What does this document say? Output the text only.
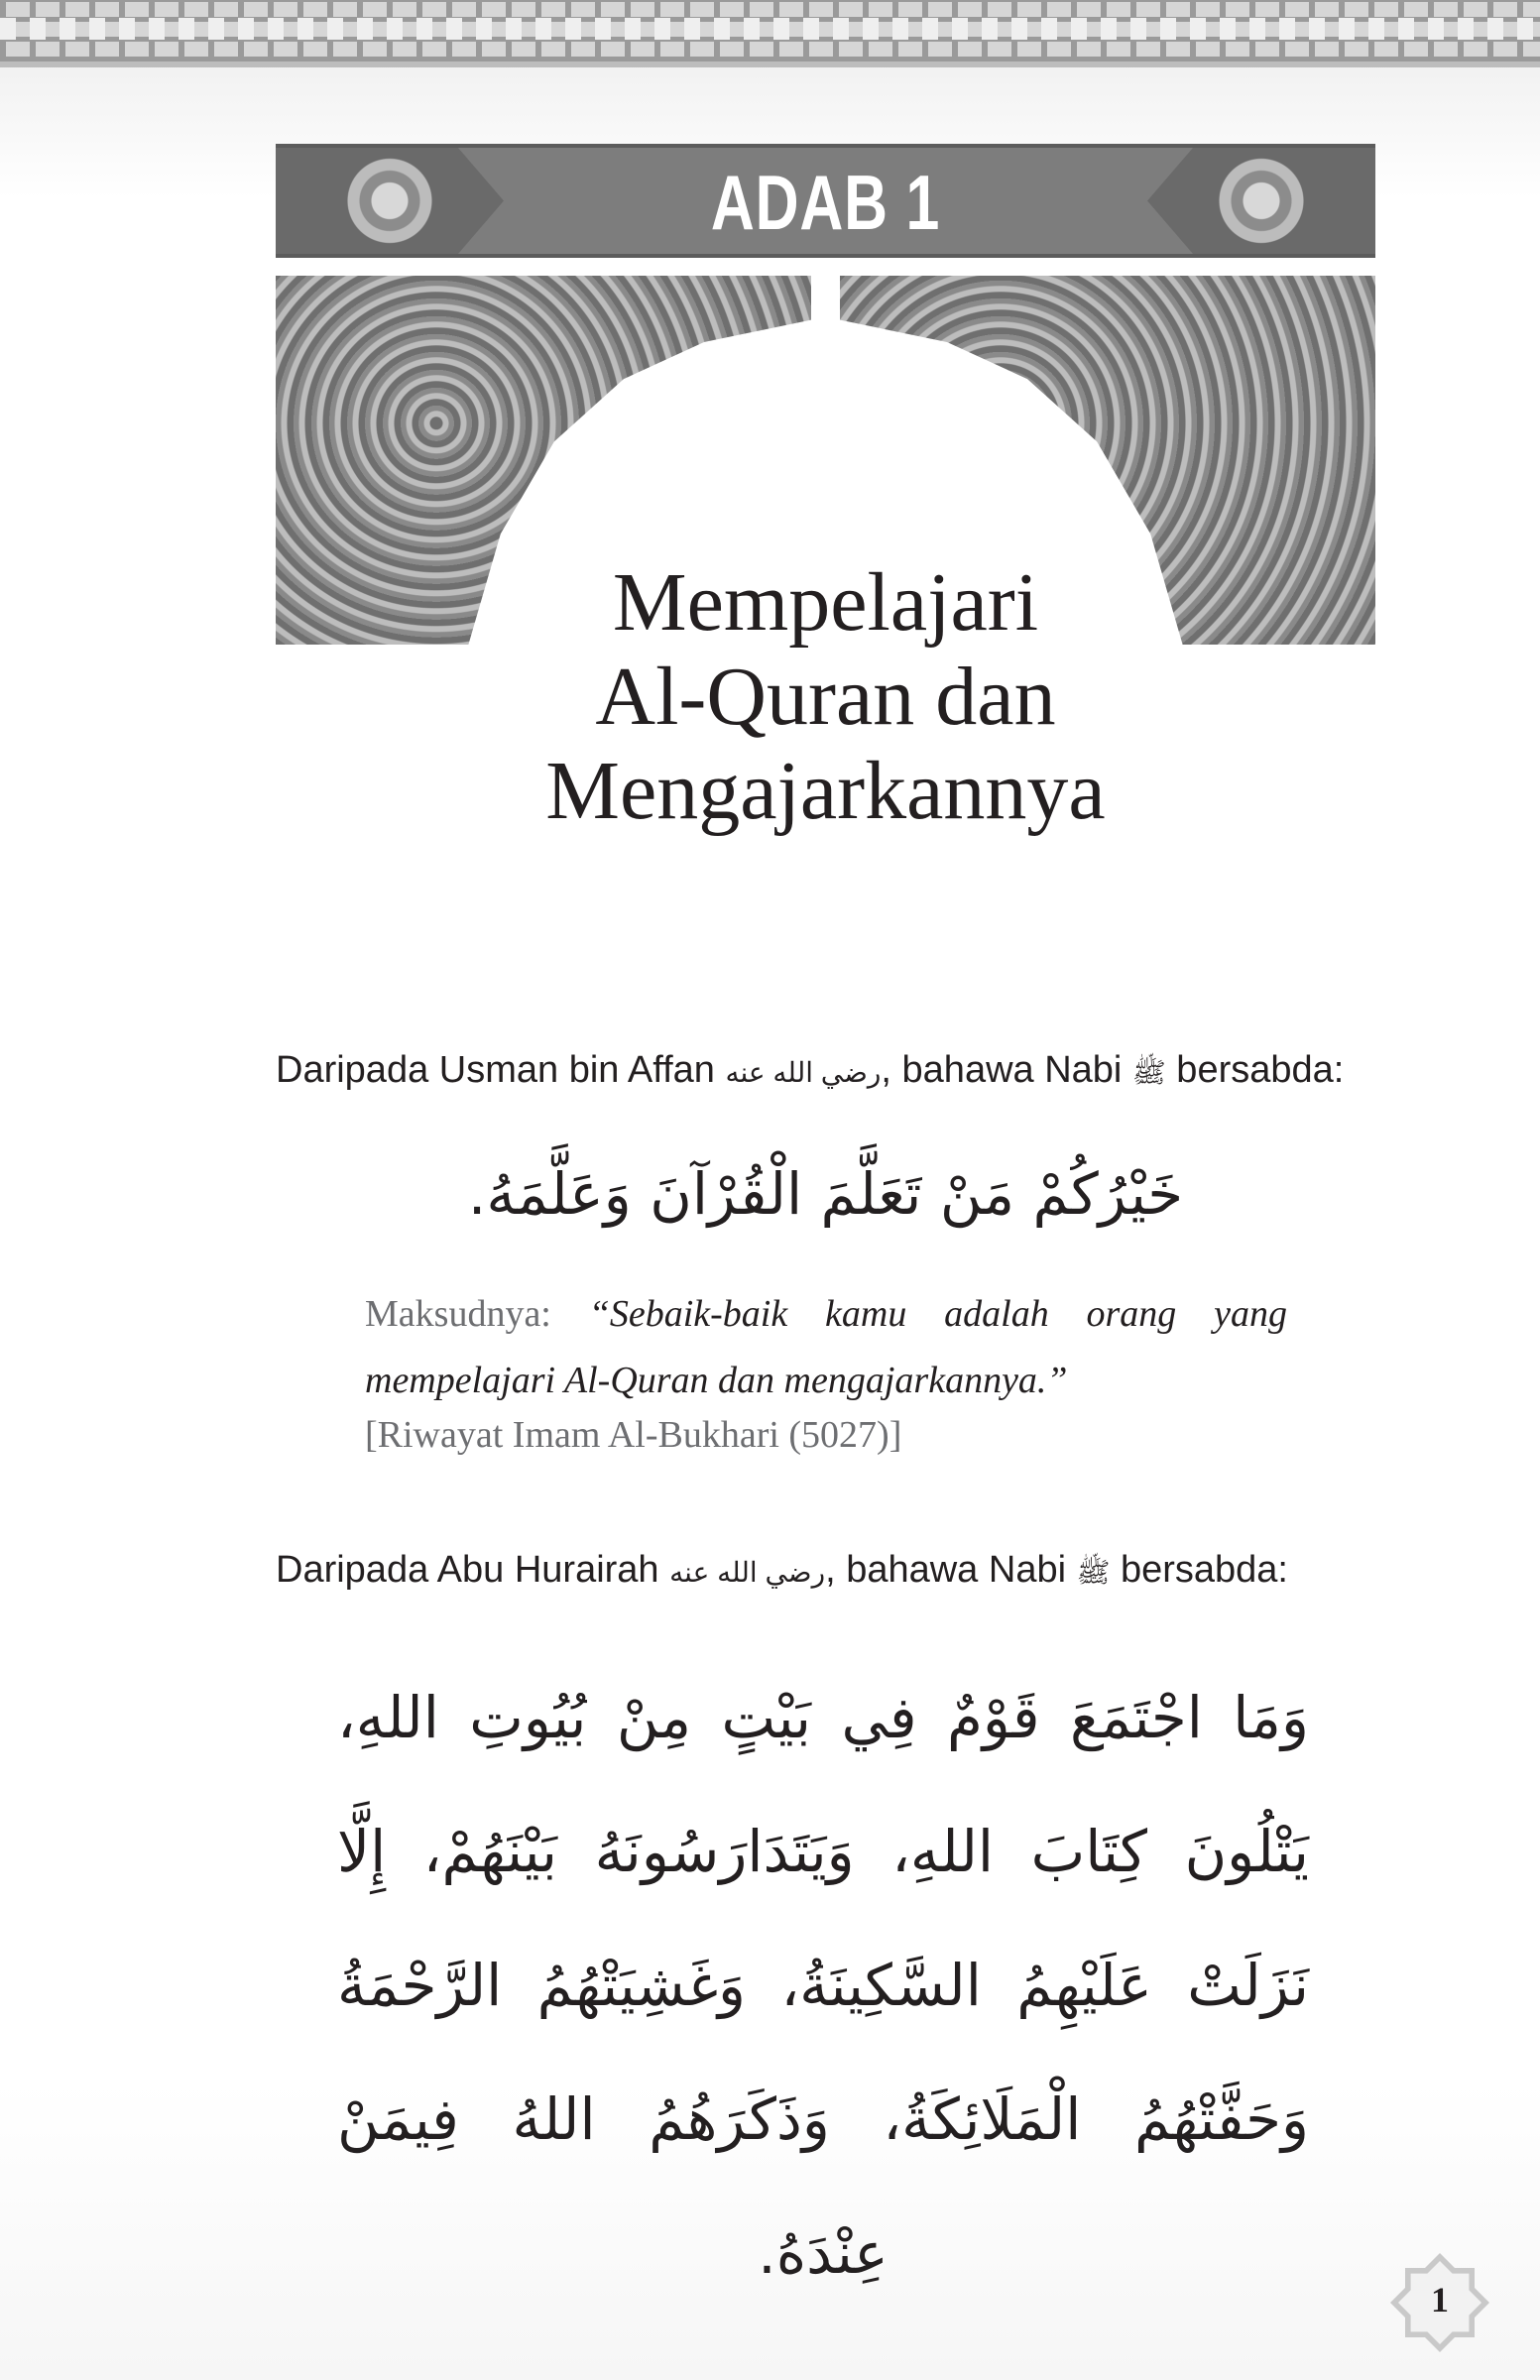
ADAB 1
Mempelajari
Al-Quran dan
Mengajarkannya
Daripada Usman bin Affan رضي الله عنه, bahawa Nabi ﷺ bersabda:
خَيْرُكُمْ مَنْ تَعَلَّمَ الْقُرْآنَ وَعَلَّمَهُ.
Maksudnya: “Sebaik-baik kamu adalah orang yang mempelajari Al-Quran dan mengajarkannya.”
[Riwayat Imam Al-Bukhari (5027)]
Daripada Abu Hurairah رضي الله عنه, bahawa Nabi ﷺ bersabda:
وَمَا اجْتَمَعَ قَوْمٌ فِي بَيْتٍ مِنْ بُيُوتِ اللهِ، يَتْلُونَ كِتَابَ اللهِ، وَيَتَدَارَسُونَهُ بَيْنَهُمْ، إِلَّا نَزَلَتْ عَلَيْهِمُ السَّكِينَةُ، وَغَشِيَتْهُمُ الرَّحْمَةُ وَحَفَّتْهُمُ الْمَلَائِكَةُ، وَذَكَرَهُمُ اللهُ فِيمَنْ عِنْدَهُ.
1
